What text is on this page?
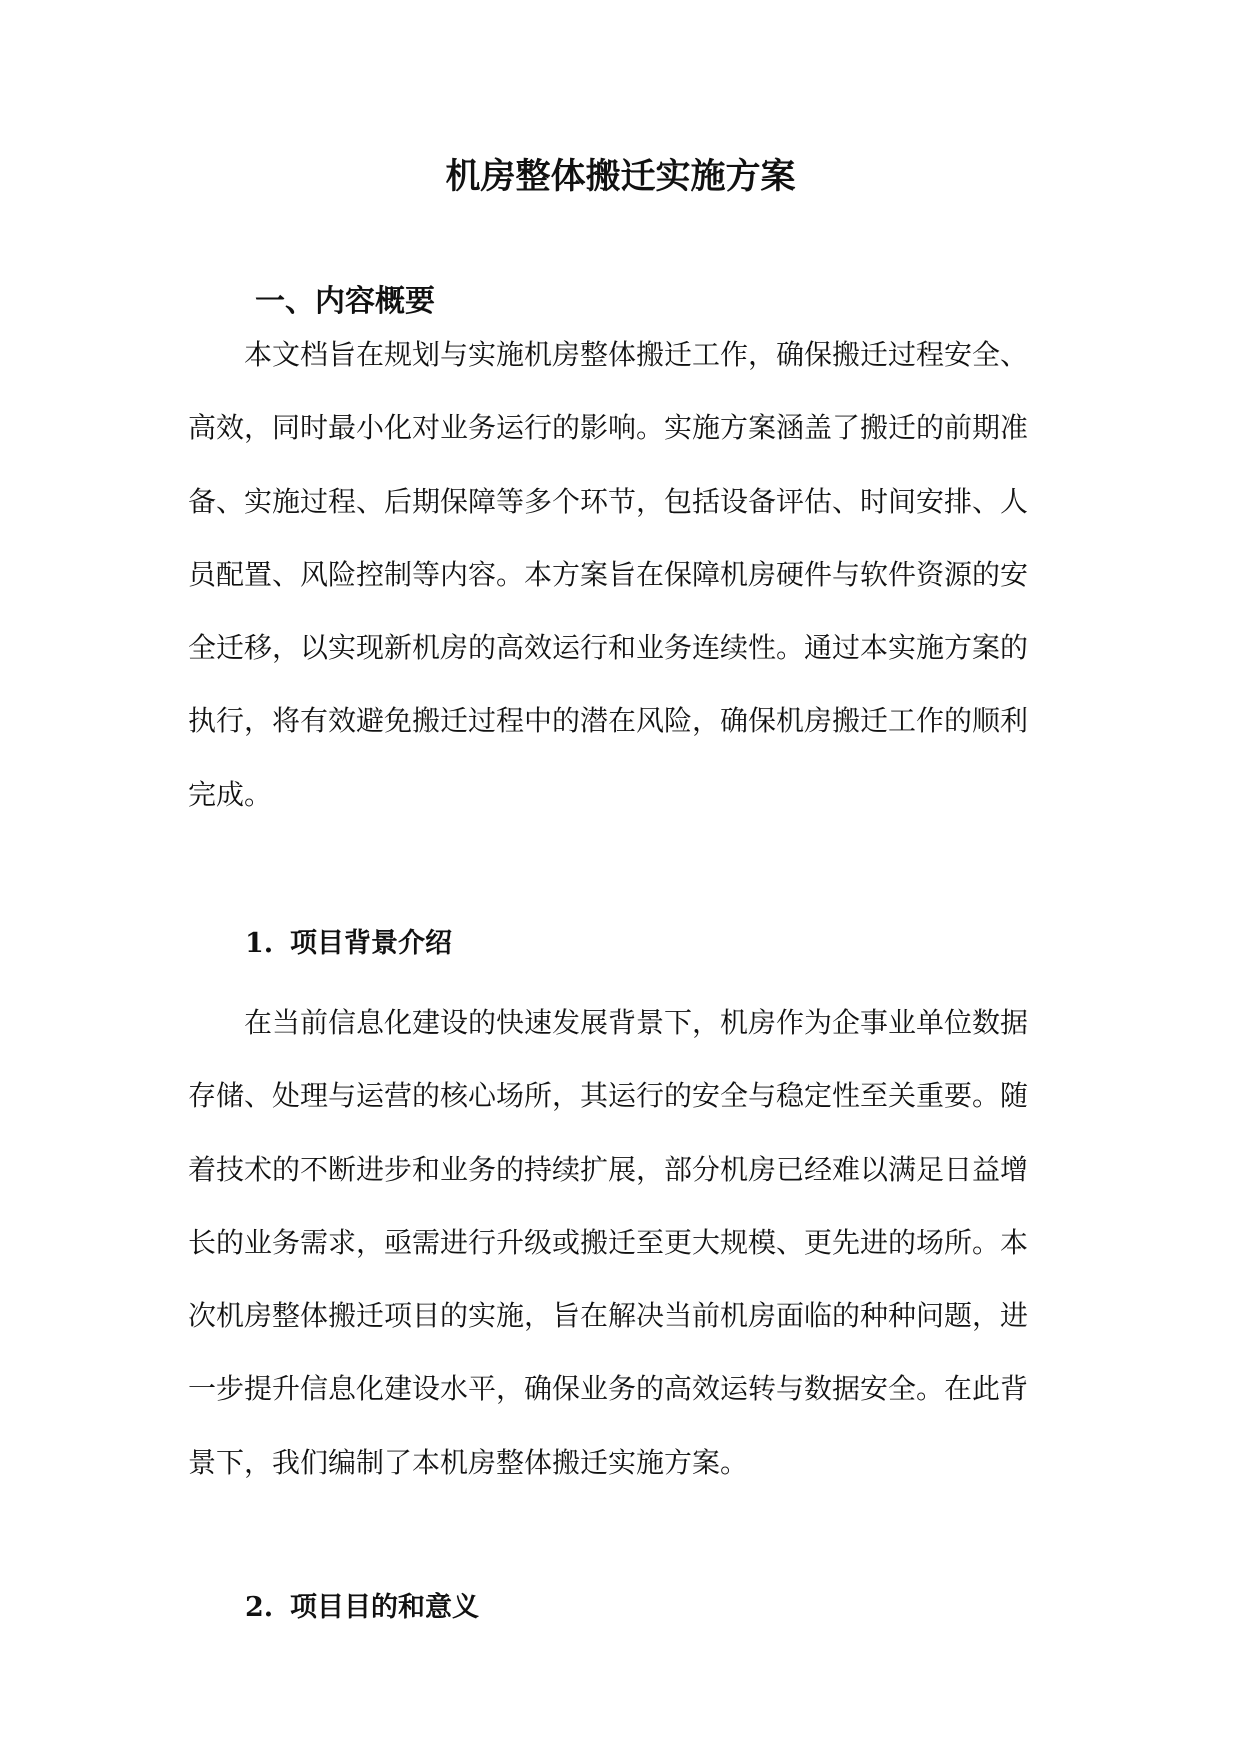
机房整体搬迁实施方案
一、内容概要
本文档旨在规划与实施机房整体搬迁工作，确保搬迁过程安全、
高效，同时最小化对业务运行的影响。实施方案涵盖了搬迁的前期准
备、实施过程、后期保障等多个环节，包括设备评估、时间安排、人
员配置、风险控制等内容。本方案旨在保障机房硬件与软件资源的安
全迁移，以实现新机房的高效运行和业务连续性。通过本实施方案的
执行，将有效避免搬迁过程中的潜在风险，确保机房搬迁工作的顺利
完成。
1. 项目背景介绍
在当前信息化建设的快速发展背景下，机房作为企事业单位数据
存储、处理与运营的核心场所，其运行的安全与稳定性至关重要。随
着技术的不断进步和业务的持续扩展，部分机房已经难以满足日益增
长的业务需求，亟需进行升级或搬迁至更大规模、更先进的场所。本
次机房整体搬迁项目的实施，旨在解决当前机房面临的种种问题，进
一步提升信息化建设水平，确保业务的高效运转与数据安全。在此背
景下，我们编制了本机房整体搬迁实施方案。
2. 项目目的和意义
